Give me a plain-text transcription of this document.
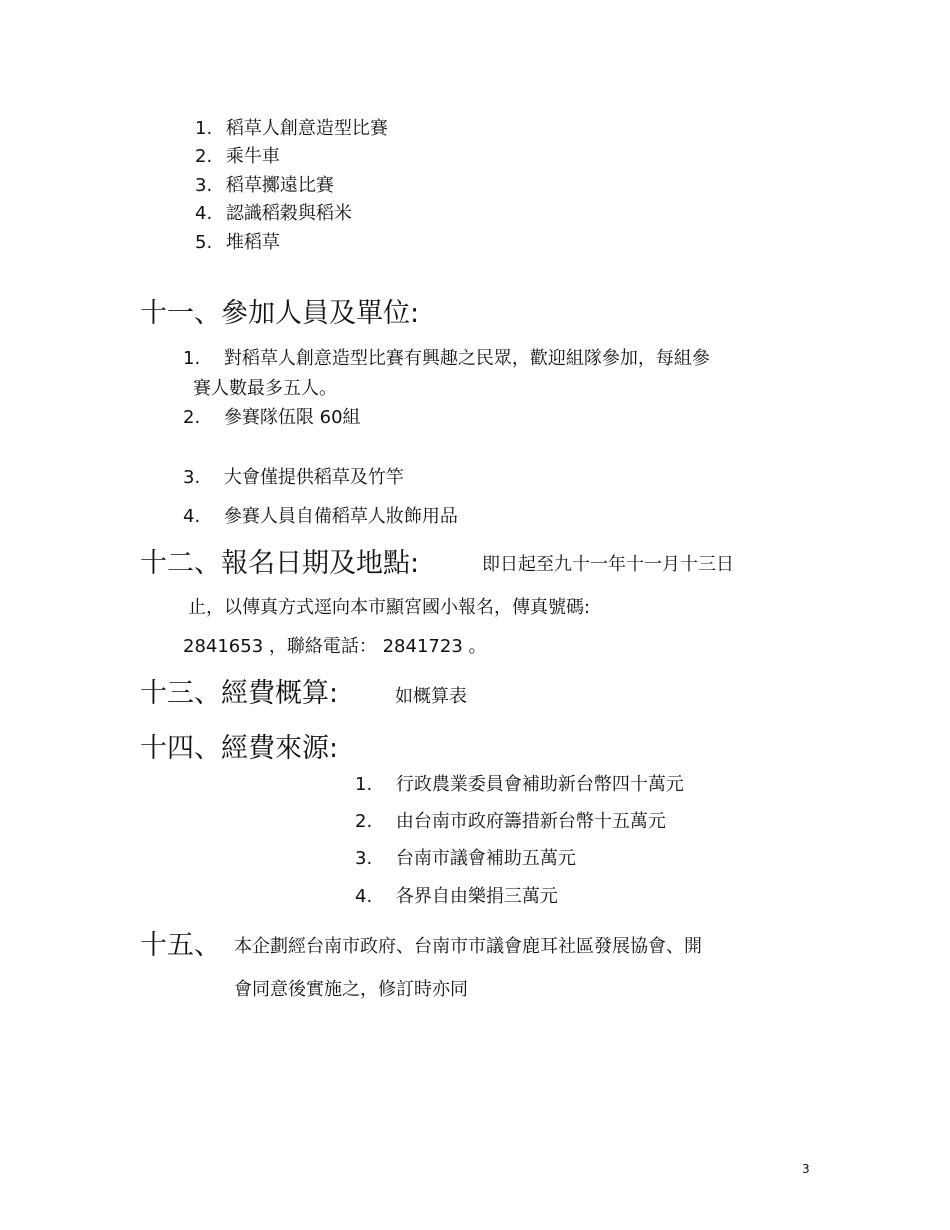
1. 稻草人創意造型比賽
2. 乘牛車
3. 稻草擲遠比賽
4. 認識稻穀與稻米
5. 堆稻草
十一、參加人員及單位:
1. 對稻草人創意造型比賽有興趣之民眾，歡迎組隊參加，每組參
賽人數最多五人。
2. 參賽隊伍限 60組
3. 大會僅提供稻草及竹竿
4. 參賽人員自備稻草人妝飾用品
十二、報名日期及地點:	即日起至九十一年十一月十三日
止，以傳真方式逕向本市顯宮國小報名，傳真號碼:
2841653 ，聯絡電話： 2841723 。
十三、經費概算:	如概算表
十四、經費來源:
1. 行政農業委員會補助新台幣四十萬元
2. 由台南市政府籌措新台幣十五萬元
3. 台南市議會補助五萬元
4. 各界自由樂捐三萬元
十五、 本企劃經台南市政府、台南市市議會鹿耳社區發展協會、開
會同意後實施之，修訂時亦同
3
